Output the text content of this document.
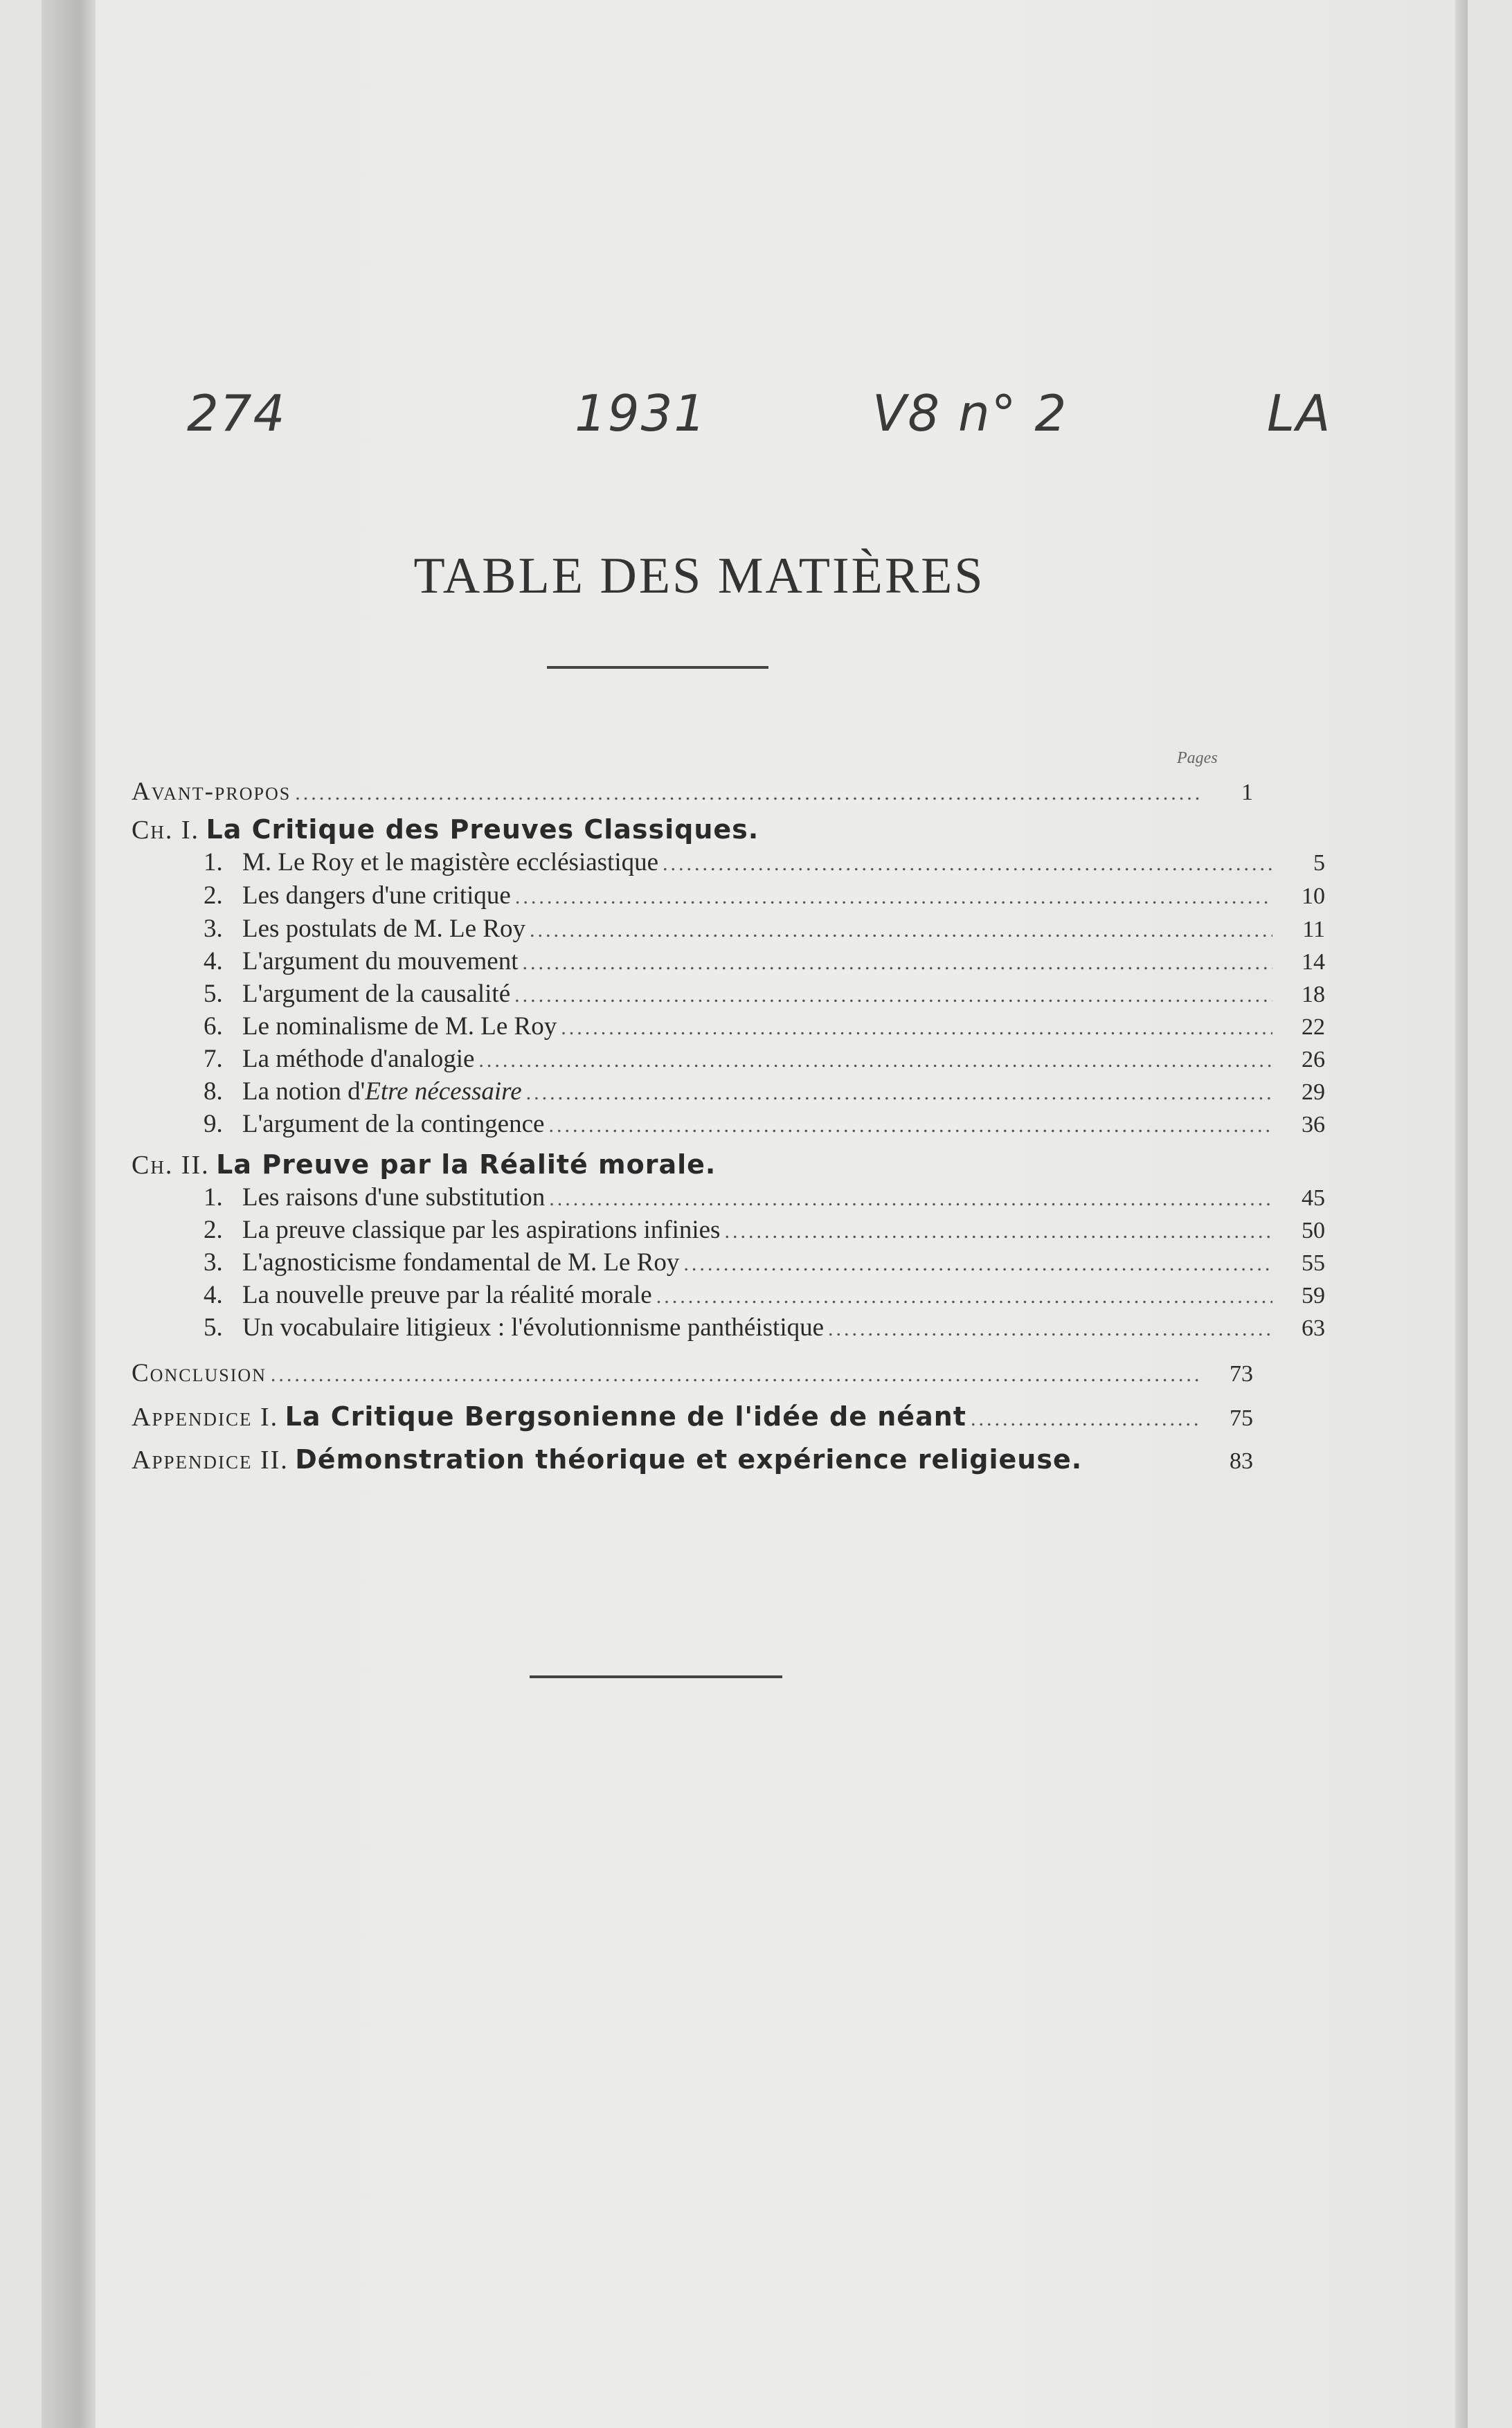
274	1931	V8 n° 2	LA
TABLE DES MATIÈRES
Pages
Avant-propos .....	1
Ch. I. La Critique des Preuves Classiques.
1. M. Le Roy et le magistère ecclésiastique .....	5
2. Les dangers d'une critique .....	10
3. Les postulats de M. Le Roy .....	11
4. L'argument du mouvement .....	14
5. L'argument de la causalité .....	18
6. Le nominalisme de M. Le Roy .....	22
7. La méthode d'analogie .....	26
8. La notion d'Etre nécessaire .....	29
9. L'argument de la contingence .....	36
Ch. II. La Preuve par la Réalité morale.
1. Les raisons d'une substitution .....	45
2. La preuve classique par les aspirations infinies .....	50
3. L'agnosticisme fondamental de M. Le Roy .....	55
4. La nouvelle preuve par la réalité morale .....	59
5. Un vocabulaire litigieux : l'évolutionnisme panthéistique .....	63
Conclusion .....	73
Appendice I. La Critique Bergsonienne de l'idée de néant .....	75
Appendice II. Démonstration théorique et expérience religieuse.	83
